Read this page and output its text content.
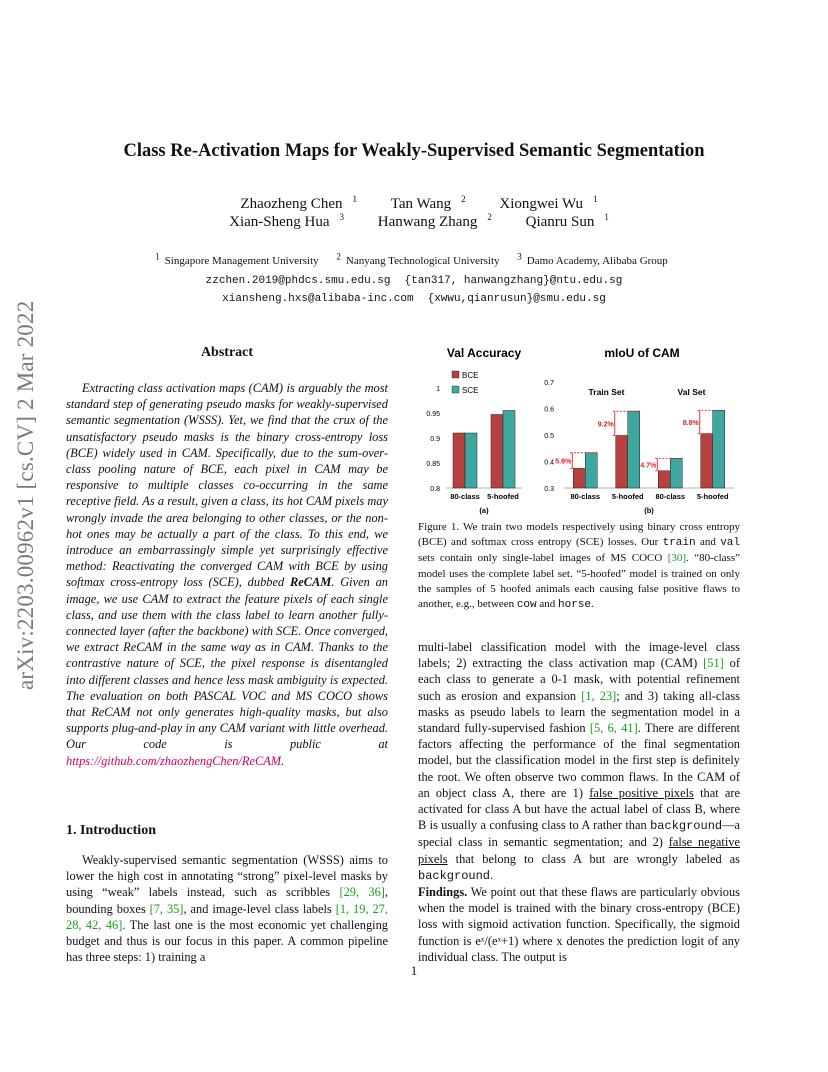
Class Re-Activation Maps for Weakly-Supervised Semantic Segmentation
Zhaozheng Chen $^1$ Tan Wang $^2$ Xiongwei Wu $^1$
Xian-Sheng Hua $^3$ Hanwang Zhang $^2$ Qianru Sun $^1$
$^1$ Singapore Management University $^2$ Nanyang Technological University $^3$ Damo Academy, Alibaba Group
zzchen.2019@phdcs.smu.edu.sg {tan317, hanwangzhang}@ntu.edu.sg
xiansheng.hxs@alibaba-inc.com {xwwu,qianrusun}@smu.edu.sg
arXiv:2203.00962v1 [cs.CV] 2 Mar 2022	Abstract
Extracting class activation maps (CAM) is arguably the most standard step of generating pseudo masks for weakly-supervised semantic segmentation (WSSS). Yet, we find that the crux of the unsatisfactory pseudo masks is the binary cross-entropy loss (BCE) widely used in CAM. Specifically, due to the sum-over-class pooling nature of BCE, each pixel in CAM may be responsive to multiple classes co-occurring in the same receptive field. As a result, given a class, its hot CAM pixels may wrongly invade the area belonging to other classes, or the non-hot ones may be actually a part of the class. To this end, we introduce an embarrassingly simple yet surprisingly effective method: Reactivating the converged CAM with BCE by using softmax cross-entropy loss (SCE), dubbed ReCAM. Given an image, we use CAM to extract the feature pixels of each single class, and use them with the class label to learn another fully-connected layer (after the backbone) with SCE. Once converged, we extract ReCAM in the same way as in CAM. Thanks to the contrastive nature of SCE, the pixel response is disentangled into different classes and hence less mask ambiguity is expected. The evaluation on both PASCAL VOC and MS COCO shows that ReCAM not only generates high-quality masks, but also supports plug-and-play in any CAM variant with little overhead. Our code is public at https://github.com/zhaozhengChen/ReCAM.
1. Introduction
Weakly-supervised semantic segmentation (WSSS) aims to lower the high cost in annotating “strong” pixel-level masks by using “weak” labels instead, such as scribbles [29, 36], bounding boxes [7, 35], and image-level class labels [1, 19, 27, 28, 42, 46]. The last one is the most economic yet challenging budget and thus is our focus in this paper. A common pipeline has three steps: 1) training a
Val Accuracy
0.8
0.85
0.9
0.95
1
80-class 5-hoofed
(a)
BCE
SCE
mIoU of CAM
0.3
0.4
0.5
0.6
0.7
Train Set
5.9%
80-class
9.2%
5-hoofed
Val Set
4.7%
80-class
8.8%
5-hoofed
(b)
Figure 1. We train two models respectively using binary cross entropy (BCE) and softmax cross entropy (SCE) losses. Our train and val sets contain only single-label images of MS COCO [30]. “80-class” model uses the complete label set. “5-hoofed” model is trained on only the samples of 5 hoofed animals each causing false positive flaws to another, e.g., between cow and horse.
multi-label classification model with the image-level class labels; 2) extracting the class activation map (CAM) [51] of each class to generate a 0-1 mask, with potential refinement such as erosion and expansion [1, 23]; and 3) taking all-class masks as pseudo labels to learn the segmentation model in a standard fully-supervised fashion [5, 6, 41]. There are different factors affecting the performance of the final segmentation model, but the classification model in the first step is definitely the root. We often observe two common flaws. In the CAM of an object class A, there are 1) false positive pixels that are activated for class A but have the actual label of class B, where B is usually a confusing class to A rather than background—a special class in semantic segmentation; and 2) false negative pixels that belong to class A but are wrongly labeled as background.
Findings. We point out that these flaws are particularly obvious when the model is trained with the binary cross-entropy (BCE) loss with sigmoid activation function. Specifically, the sigmoid function is eˣ/(eˣ+1) where x denotes the prediction logit of any individual class. The output is
1
